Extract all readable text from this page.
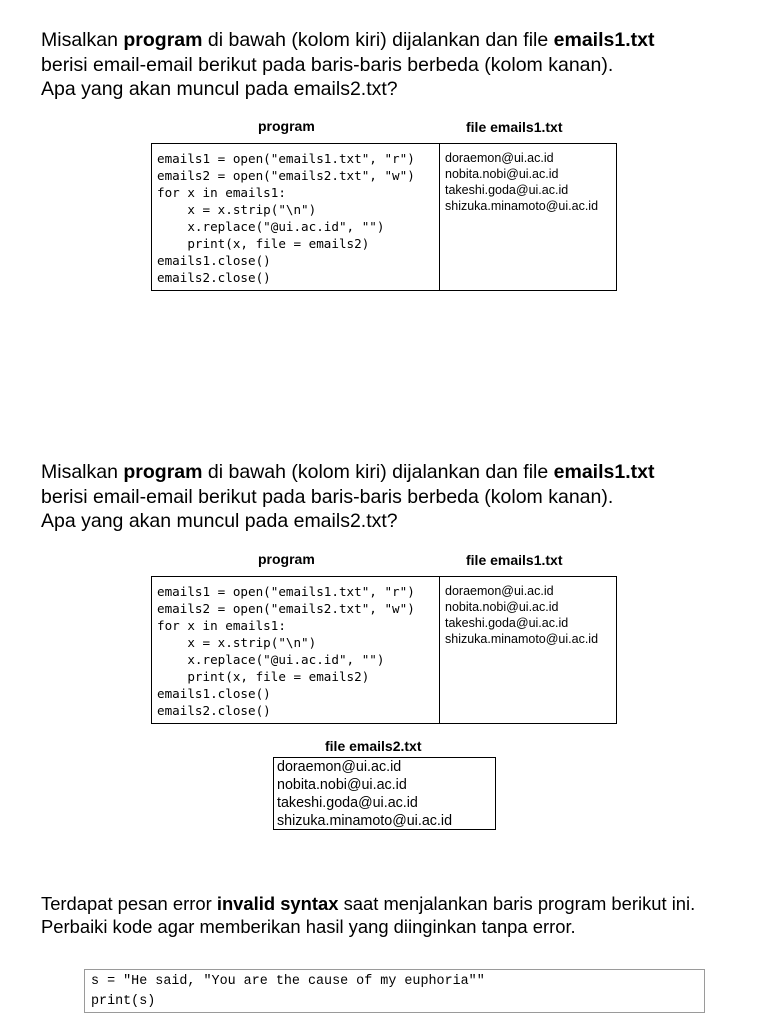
Misalkan program di bawah (kolom kiri) dijalankan dan file emails1.txt

berisi email-email berikut pada baris-baris berbeda (kolom kanan).

Apa yang akan muncul pada emails2.txt?

program	file emails1.txt
emails1 = open("emails1.txt", "r")
emails2 = open("emails2.txt", "w")
for x in emails1:
x = x.strip("\n")
x.replace("@ui.ac.id", "")
print(x, file = emails2)
emails1.close()
emails2.close()
doraemon@ui.ac.id
nobita.nobi@ui.ac.id
takeshi.goda@ui.ac.id
shizuka.minamoto@ui.ac.id

Misalkan program di bawah (kolom kiri) dijalankan dan file emails1.txt

berisi email-email berikut pada baris-baris berbeda (kolom kanan).

Apa yang akan muncul pada emails2.txt?

program	file emails1.txt
emails1 = open("emails1.txt", "r")
emails2 = open("emails2.txt", "w")
for x in emails1:
x = x.strip("\n")
x.replace("@ui.ac.id", "")
print(x, file = emails2)
emails1.close()
emails2.close()
doraemon@ui.ac.id
nobita.nobi@ui.ac.id
takeshi.goda@ui.ac.id
shizuka.minamoto@ui.ac.id
file emails2.txt
doraemon@ui.ac.id
nobita.nobi@ui.ac.id
takeshi.goda@ui.ac.id
shizuka.minamoto@ui.ac.id

Terdapat pesan error invalid syntax saat menjalankan baris program berikut ini.

Perbaiki kode agar memberikan hasil yang diinginkan tanpa error.

s = "He said, "You are the cause of my euphoria""
print(s)
